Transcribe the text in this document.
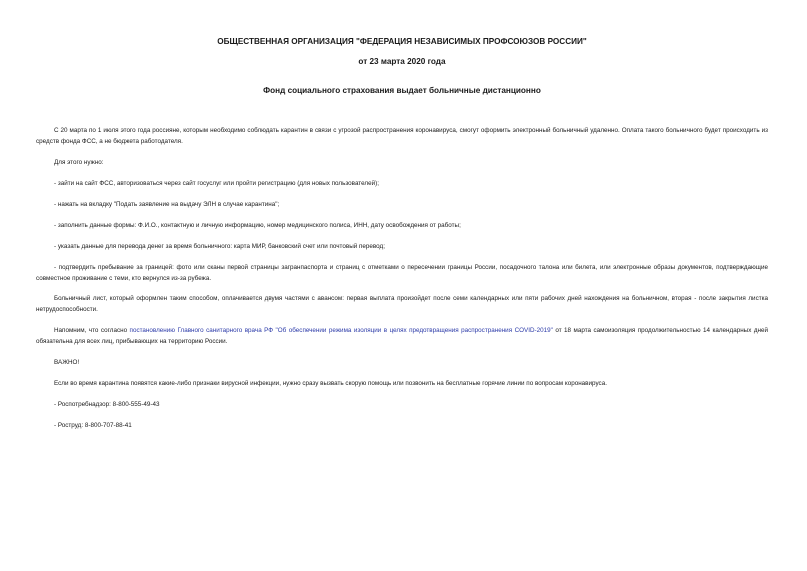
ОБЩЕСТВЕННАЯ ОРГАНИЗАЦИЯ "ФЕДЕРАЦИЯ НЕЗАВИСИМЫХ ПРОФСОЮЗОВ РОССИИ"
от 23 марта 2020 года
Фонд социального страхования выдает больничные дистанционно

С 20 марта по 1 июля этого года россияне, которым необходимо соблюдать карантин в связи с угрозой распространения коронавируса, смогут оформить электронный больничный удаленно. Оплата такого больничного будет происходить из средств фонда ФСС, а не бюджета работодателя.

Для этого нужно:

- зайти на сайт ФСС, авторизоваться через сайт госуслуг или пройти регистрацию (для новых пользователей);

- нажать на вкладку "Подать заявление на выдачу ЭЛН в случае карантина";

- заполнить данные формы: Ф.И.О., контактную и личную информацию, номер медицинского полиса, ИНН, дату освобождения от работы;

- указать данные для перевода денег за время больничного: карта МИР, банковский счет или почтовый перевод;

- подтвердить пребывание за границей: фото или сканы первой страницы загранпаспорта и страниц с отметками о пересечении границы России, посадочного талона или билета, или электронные образы документов, подтверждающие совместное проживание с теми, кто вернулся из-за рубежа.

Больничный лист, который оформлен таким способом, оплачивается двумя частями с авансом: первая выплата произойдет после семи календарных или пяти рабочих дней нахождения на больничном, вторая - после закрытия листка нетрудоспособности.

Напомним, что согласно постановлению Главного санитарного врача РФ "Об обеспечении режима изоляции в целях предотвращения распространения COVID-2019" от 18 марта самоизоляция продолжительностью 14 календарных дней обязательна для всех лиц, прибывающих на территорию России.

ВАЖНО!

Если во время карантина появятся какие-либо признаки вирусной инфекции, нужно сразу вызвать скорую помощь или позвонить на бесплатные горячие линии по вопросам коронавируса.

- Роспотребнадзор: 8-800-555-49-43

- Роструд: 8-800-707-88-41
